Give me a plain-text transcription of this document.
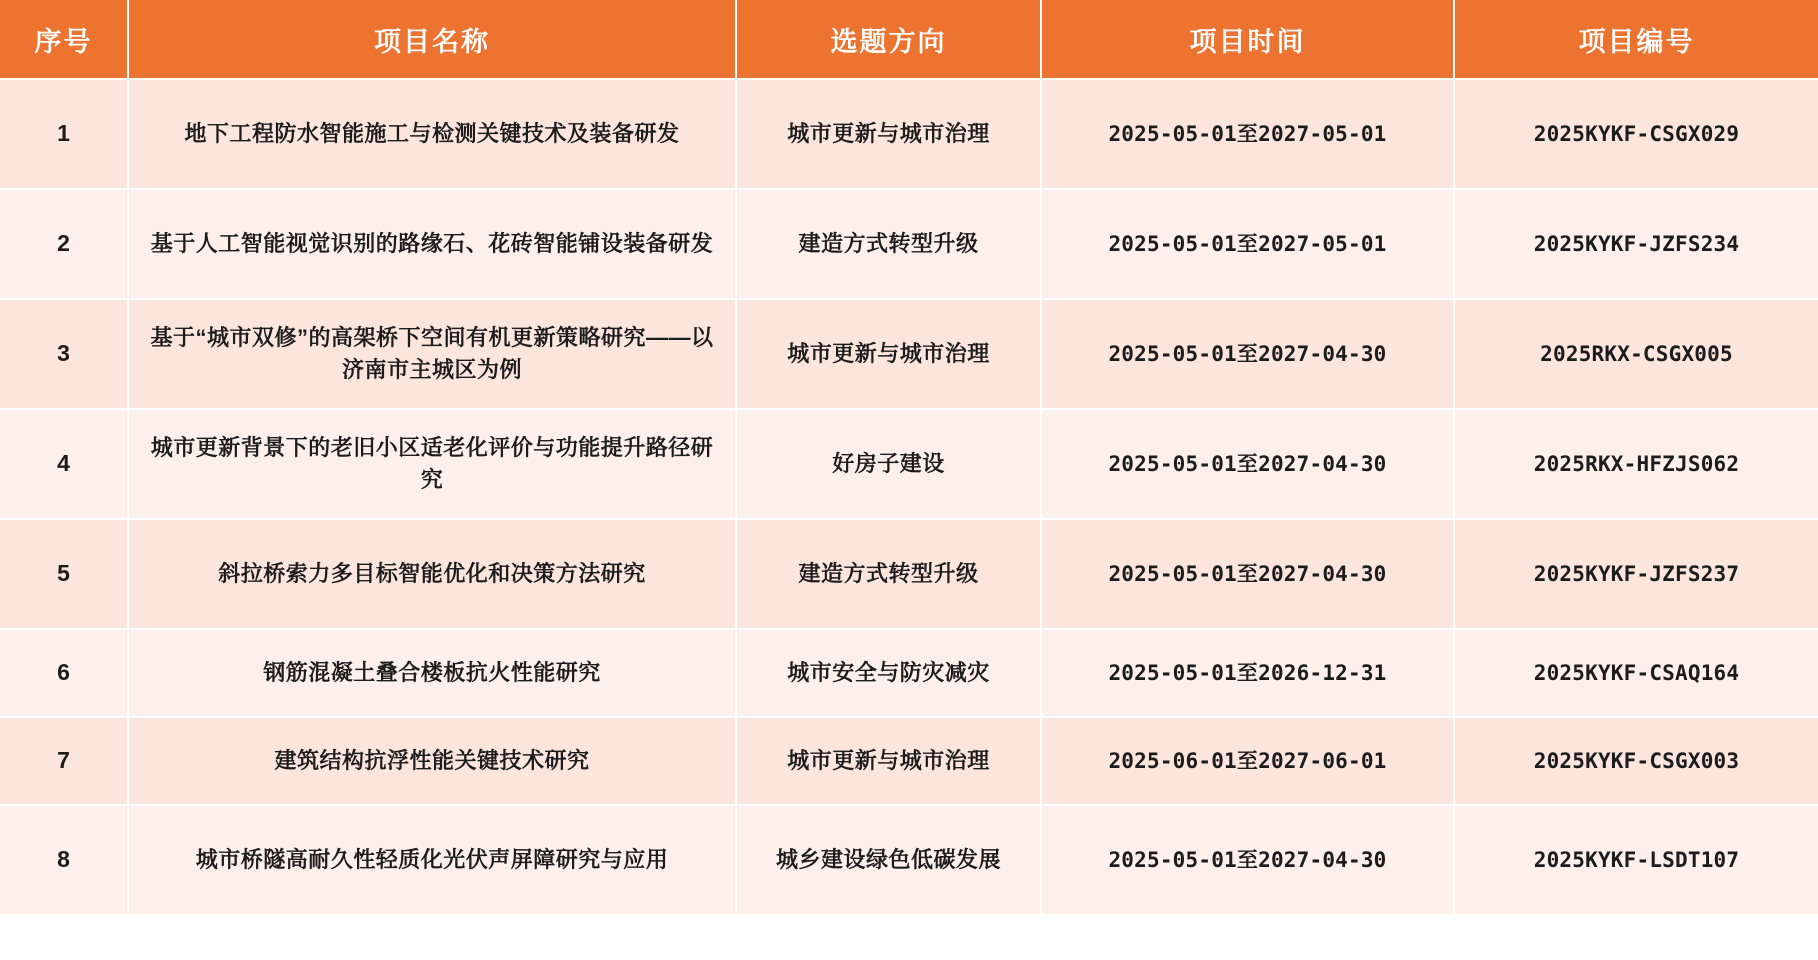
序号	项目名称	选题方向	项目时间	项目编号
1	地下工程防水智能施工与检测关键技术及装备研发	城市更新与城市治理	2025-05-01至2027-05-01	2025KYKF-CSGX029
2	基于人工智能视觉识别的路缘石、花砖智能铺设装备研发	建造方式转型升级	2025-05-01至2027-05-01	2025KYKF-JZFS234
3	基于“城市双修”的高架桥下空间有机更新策略研究——以济南市主城区为例	城市更新与城市治理	2025-05-01至2027-04-30	2025RKX-CSGX005
4	城市更新背景下的老旧小区适老化评价与功能提升路径研究	好房子建设	2025-05-01至2027-04-30	2025RKX-HFZJS062
5	斜拉桥索力多目标智能优化和决策方法研究	建造方式转型升级	2025-05-01至2027-04-30	2025KYKF-JZFS237
6	钢筋混凝土叠合楼板抗火性能研究	城市安全与防灾减灾	2025-05-01至2026-12-31	2025KYKF-CSAQ164
7	建筑结构抗浮性能关键技术研究	城市更新与城市治理	2025-06-01至2027-06-01	2025KYKF-CSGX003
8	城市桥隧高耐久性轻质化光伏声屏障研究与应用	城乡建设绿色低碳发展	2025-05-01至2027-04-30	2025KYKF-LSDT107
